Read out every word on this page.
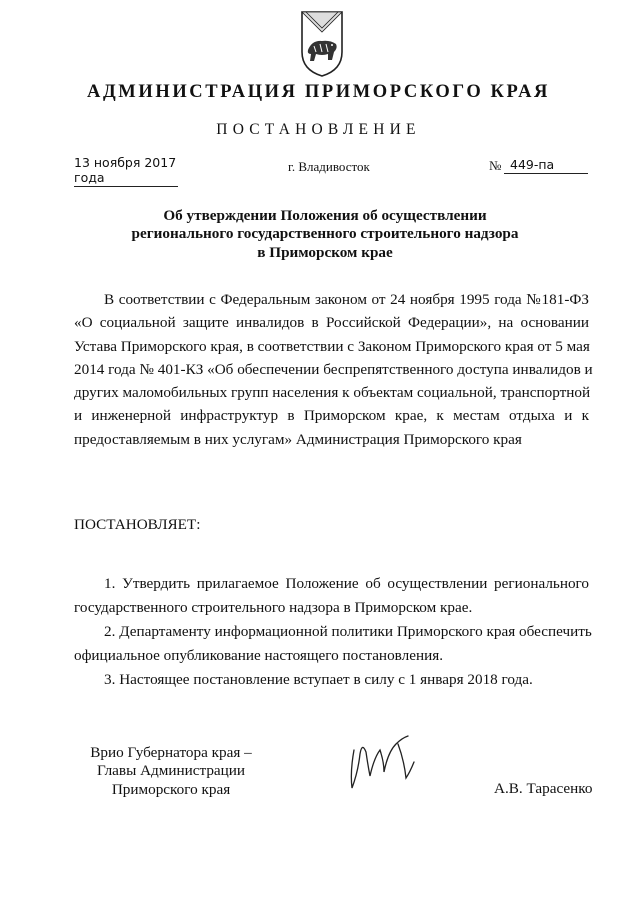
АДМИНИСТРАЦИЯ ПРИМОРСКОГО КРАЯ
ПОСТАНОВЛЕНИЕ
13 ноября 2017 года
г. Владивосток	№ 449-па
Об утверждении Положения об осуществлении
регионального государственного строительного надзора
в Приморском крае
В соответствии с Федеральным законом от 24 ноября 1995 года №181-ФЗ
«О социальной защите инвалидов в Российской Федерации», на основании
Устава Приморского края, в соответствии с Законом Приморского края от 5 мая
2014 года № 401-КЗ «Об обеспечении беспрепятственного доступа инвалидов и
других маломобильных групп населения к объектам социальной, транспортной
и инженерной инфраструктур в Приморском крае, к местам отдыха и к
предоставляемым в них услугам» Администрация Приморского края
ПОСТАНОВЛЯЕТ:
1. Утвердить прилагаемое Положение об осуществлении регионального
государственного строительного надзора в Приморском крае.
2. Департаменту информационной политики Приморского края обеспечить
официальное опубликование настоящего постановления.
3. Настоящее постановление вступает в силу с 1 января 2018 года.
Врио Губернатора края –
Главы Администрации
Приморского края	А.В. Тарасенко
